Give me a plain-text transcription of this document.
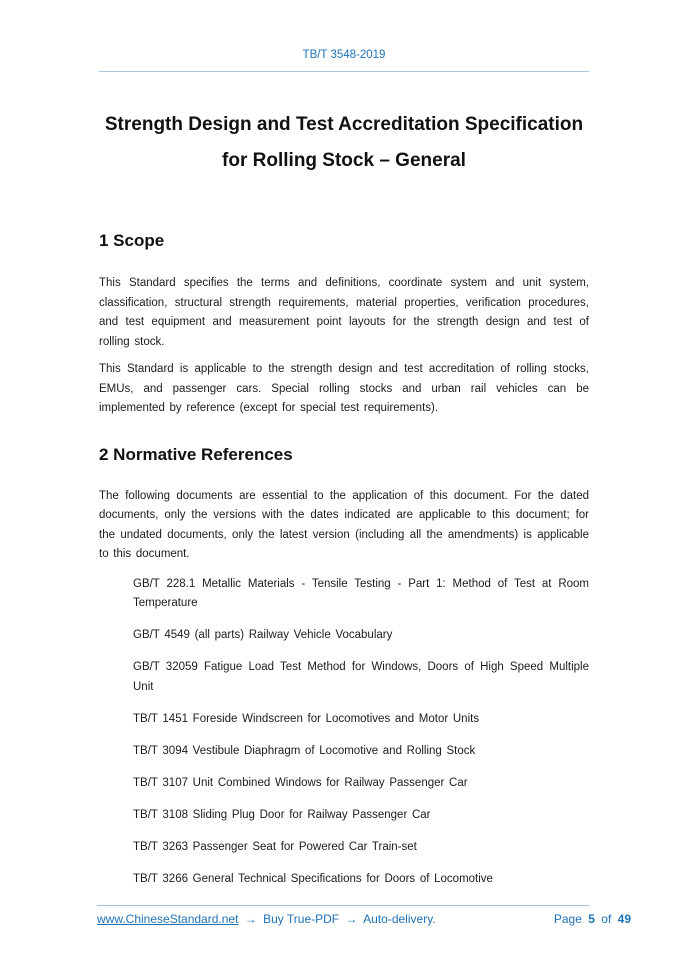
TB/T 3548-2019
Strength Design and Test Accreditation Specification
for Rolling Stock – General
1 Scope

This Standard specifies the terms and definitions, coordinate system and unit system, classification, structural strength requirements, material properties, verification procedures, and test equipment and measurement point layouts for the strength design and test of rolling stock.

This Standard is applicable to the strength design and test accreditation of rolling stocks, EMUs, and passenger cars. Special rolling stocks and urban rail vehicles can be implemented by reference (except for special test requirements).

2 Normative References

The following documents are essential to the application of this document. For the dated documents, only the versions with the dates indicated are applicable to this document; for the undated documents, only the latest version (including all the amendments) is applicable to this document.

GB/T 228.1 Metallic Materials - Tensile Testing - Part 1: Method of Test at Room Temperature
GB/T 4549 (all parts) Railway Vehicle Vocabulary
GB/T 32059 Fatigue Load Test Method for Windows, Doors of High Speed Multiple Unit
TB/T 1451 Foreside Windscreen for Locomotives and Motor Units
TB/T 3094 Vestibule Diaphragm of Locomotive and Rolling Stock
TB/T 3107 Unit Combined Windows for Railway Passenger Car
TB/T 3108 Sliding Plug Door for Railway Passenger Car
TB/T 3263 Passenger Seat for Powered Car Train-set
TB/T 3266 General Technical Specifications for Doors of Locomotive
www.ChineseStandard.net → Buy True-PDF → Auto-delivery.	Page 5 of 49
